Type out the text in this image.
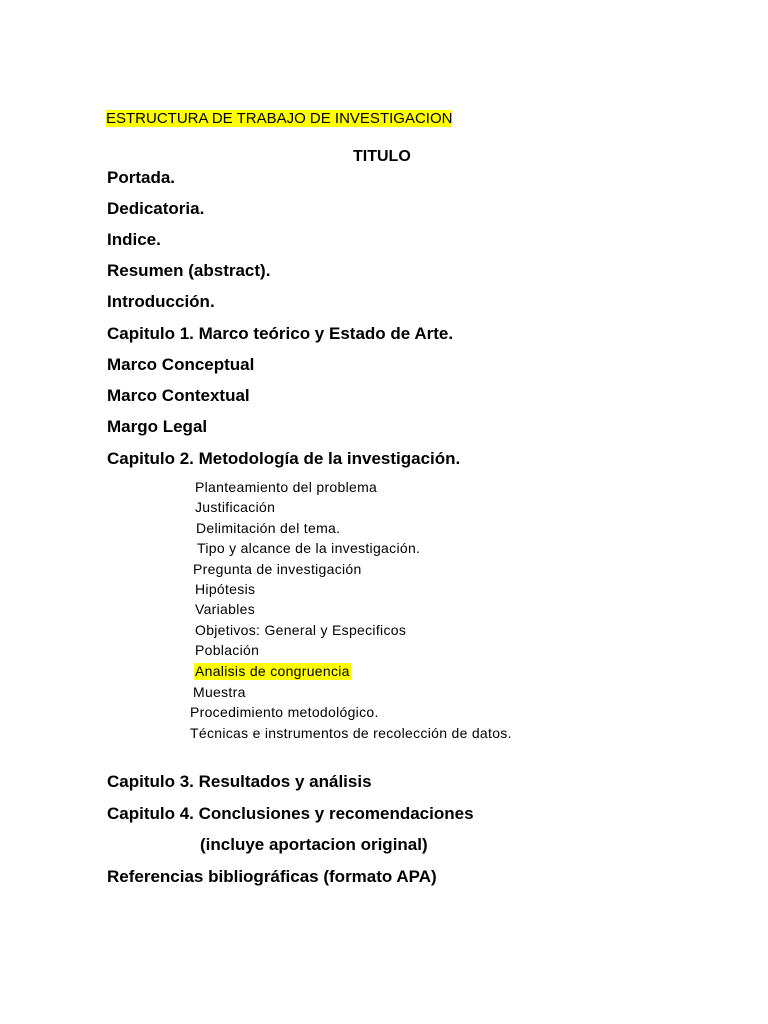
ESTRUCTURA DE TRABAJO DE INVESTIGACION
TITULO
Portada.
Dedicatoria.
Indice.
Resumen (abstract).
Introducción.
Capitulo 1. Marco teórico y Estado de Arte.
Marco Conceptual
Marco Contextual
Margo Legal
Capitulo 2. Metodología de la investigación.
Planteamiento del problema
Justificación
Delimitación del tema.
Tipo y alcance de la investigación.
Pregunta de investigación
Hipótesis
Variables
Objetivos: General y Especificos
Población
Analisis de congruencia
Muestra
Procedimiento metodológico.
Técnicas e instrumentos de recolección de datos.
Capitulo 3. Resultados y análisis
Capitulo 4. Conclusiones y recomendaciones
(incluye aportacion original)
Referencias bibliográficas (formato APA)
